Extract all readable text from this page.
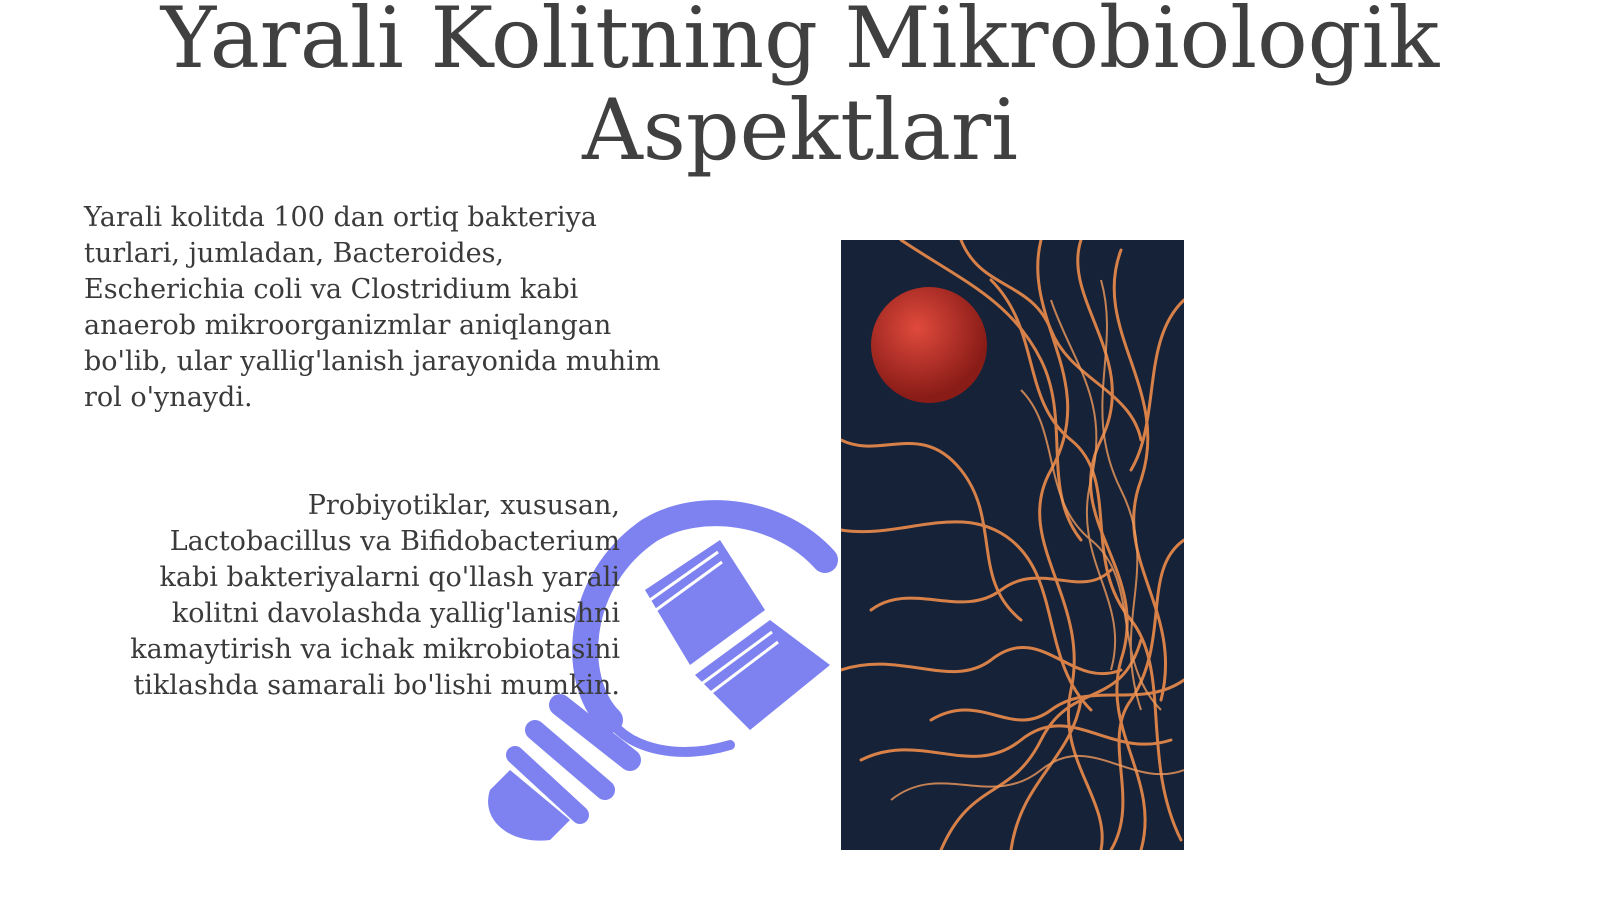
Yarali Kolitning Mikrobiologik Aspektlari

Yarali kolitda 100 dan ortiq bakteriya
turlari, jumladan, Bacteroides,
Escherichia coli va Clostridium kabi
anaerob mikroorganizmlar aniqlangan
bo'lib, ular yallig'lanish jarayonida muhim
rol o'ynaydi.

Probiyotiklar, xususan,
Lactobacillus va Bifidobacterium
kabi bakteriyalarni qo'llash yarali
kolitni davolashda yallig'lanishni
kamaytirish va ichak mikrobiotasini
tiklashda samarali bo'lishi mumkin.
